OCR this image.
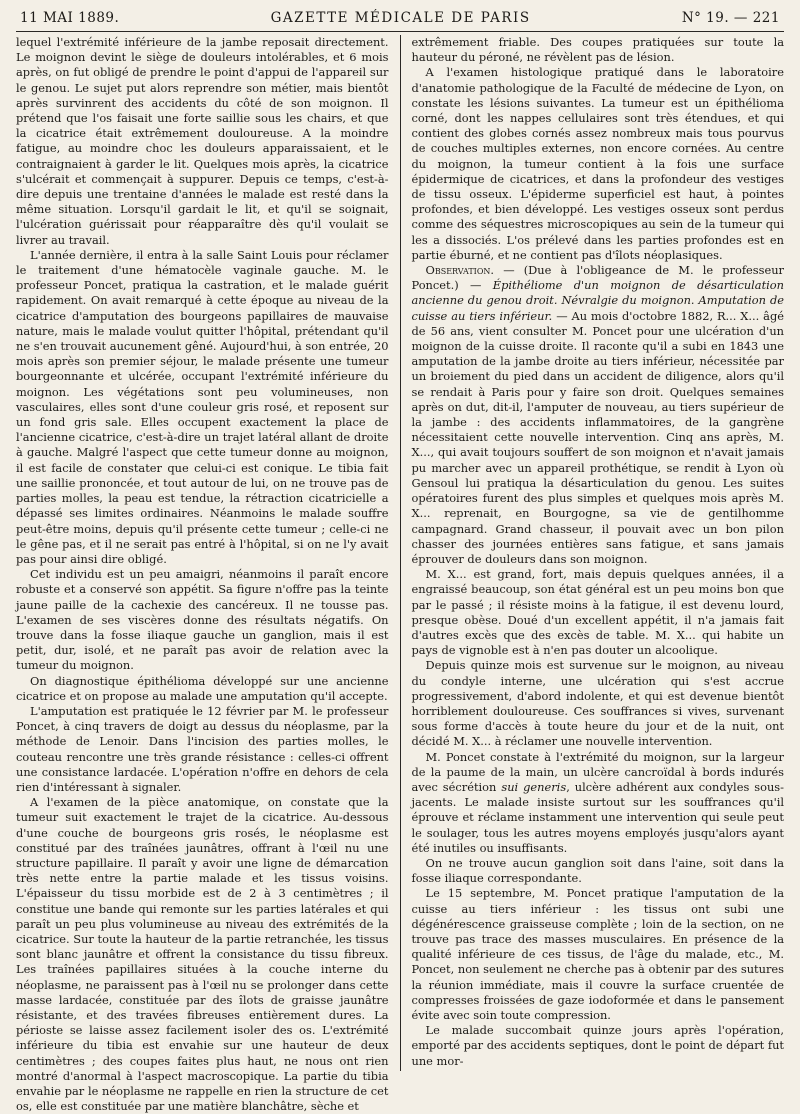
11 MAI 1889.	GAZETTE MÉDICALE DE PARIS	N° 19. — 221

lequel l'extrémité inférieure de la jambe reposait directement. Le moignon devint le siège de douleurs intolérables, et 6 mois après, on fut obligé de prendre le point d'appui de l'appareil sur le genou. Le sujet put alors reprendre son métier, mais bientôt après survinrent des accidents du côté de son moignon. Il prétend que l'os faisait une forte saillie sous les chairs, et que la cicatrice était extrêmement douloureuse. A la moindre fatigue, au moindre choc les douleurs apparaissaient, et le contraignaient à garder le lit. Quelques mois après, la cicatrice s'ulcérait et commençait à suppurer. Depuis ce temps, c'est-à-dire depuis une trentaine d'années le malade est resté dans la même situation. Lorsqu'il gardait le lit, et qu'il se soignait, l'ulcération guérissait pour réapparaître dès qu'il voulait se livrer au travail.

L'année dernière, il entra à la salle Saint Louis pour réclamer le traitement d'une hématocèle vaginale gauche. M. le professeur Poncet, pratiqua la castration, et le malade guérit rapidement. On avait remarqué à cette époque au niveau de la cicatrice d'amputation des bourgeons papillaires de mauvaise nature, mais le malade voulut quitter l'hôpital, prétendant qu'il ne s'en trouvait aucunement gêné. Aujourd'hui, à son entrée, 20 mois après son premier séjour, le malade présente une tumeur bourgeonnante et ulcérée, occupant l'extrémité inférieure du moignon. Les végétations sont peu volumineuses, non vasculaires, elles sont d'une couleur gris rosé, et reposent sur un fond gris sale. Elles occupent exactement la place de l'ancienne cicatrice, c'est-à-dire un trajet latéral allant de droite à gauche. Malgré l'aspect que cette tumeur donne au moignon, il est facile de constater que celui-ci est conique. Le tibia fait une saillie prononcée, et tout autour de lui, on ne trouve pas de parties molles, la peau est tendue, la rétraction cicatricielle a dépassé ses limites ordinaires. Néanmoins le malade souffre peut-être moins, depuis qu'il présente cette tumeur ; celle-ci ne le gêne pas, et il ne serait pas entré à l'hôpital, si on ne l'y avait pas pour ainsi dire obligé.

Cet individu est un peu amaigri, néanmoins il paraît encore robuste et a conservé son appétit. Sa figure n'offre pas la teinte jaune paille de la cachexie des cancéreux. Il ne tousse pas. L'examen de ses viscères donne des résultats négatifs. On trouve dans la fosse iliaque gauche un ganglion, mais il est petit, dur, isolé, et ne paraît pas avoir de relation avec la tumeur du moignon.

On diagnostique épithélioma développé sur une ancienne cicatrice et on propose au malade une amputation qu'il accepte.

L'amputation est pratiquée le 12 février par M. le professeur Poncet, à cinq travers de doigt au dessus du néoplasme, par la méthode de Lenoir. Dans l'incision des parties molles, le couteau rencontre une très grande résistance : celles-ci offrent une consistance lardacée. L'opération n'offre en dehors de cela rien d'intéressant à signaler.

A l'examen de la pièce anatomique, on constate que la tumeur suit exactement le trajet de la cicatrice. Au-dessous d'une couche de bourgeons gris rosés, le néoplasme est constitué par des traînées jaunâtres, offrant à l'œil nu une structure papillaire. Il paraît y avoir une ligne de démarcation très nette entre la partie malade et les tissus voisins. L'épaisseur du tissu morbide est de 2 à 3 centimètres ; il constitue une bande qui remonte sur les parties latérales et qui paraît un peu plus volumineuse au niveau des extrémités de la cicatrice. Sur toute la hauteur de la partie retranchée, les tissus sont blanc jaunâtre et offrent la consistance du tissu fibreux. Les traînées papillaires situées à la couche interne du néoplasme, ne paraissent pas à l'œil nu se prolonger dans cette masse lardacée, constituée par des îlots de graisse jaunâtre résistante, et des travées fibreuses entièrement dures. La périoste se laisse assez facilement isoler des os. L'extrémité inférieure du tibia est envahie sur une hauteur de deux centimètres ; des coupes faites plus haut, ne nous ont rien montré d'anormal à l'aspect macroscopique. La partie du tibia envahie par le néoplasme ne rappelle en rien la structure de cet os, elle est constituée par une matière blanchâtre, sèche et

extrêmement friable. Des coupes pratiquées sur toute la hauteur du péroné, ne révèlent pas de lésion.

A l'examen histologique pratiqué dans le laboratoire d'anatomie pathologique de la Faculté de médecine de Lyon, on constate les lésions suivantes. La tumeur est un épithélioma corné, dont les nappes cellulaires sont très étendues, et qui contient des globes cornés assez nombreux mais tous pourvus de couches multiples externes, non encore cornées. Au centre du moignon, la tumeur contient à la fois une surface épidermique de cicatrices, et dans la profondeur des vestiges de tissu osseux. L'épiderme superficiel est haut, à pointes profondes, et bien développé. Les vestiges osseux sont perdus comme des séquestres microscopiques au sein de la tumeur qui les a dissociés. L'os prélevé dans les parties profondes est en partie éburné, et ne contient pas d'îlots néoplasiques.

Observation. — (Due à l'obligeance de M. le professeur Poncet.) — Épithéliome d'un moignon de désarticulation ancienne du genou droit. Névralgie du moignon. Amputation de cuisse au tiers inférieur. — Au mois d'octobre 1882, R... X... âgé de 56 ans, vient consulter M. Poncet pour une ulcération d'un moignon de la cuisse droite. Il raconte qu'il a subi en 1843 une amputation de la jambe droite au tiers inférieur, nécessitée par un broiement du pied dans un accident de diligence, alors qu'il se rendait à Paris pour y faire son droit. Quelques semaines après on dut, dit-il, l'amputer de nouveau, au tiers supérieur de la jambe : des accidents inflammatoires, de la gangrène nécessitaient cette nouvelle intervention. Cinq ans après, M. X..., qui avait toujours souffert de son moignon et n'avait jamais pu marcher avec un appareil prothétique, se rendit à Lyon où Gensoul lui pratiqua la désarticulation du genou. Les suites opératoires furent des plus simples et quelques mois après M. X... reprenait, en Bourgogne, sa vie de gentilhomme campagnard. Grand chasseur, il pouvait avec un bon pilon chasser des journées entières sans fatigue, et sans jamais éprouver de douleurs dans son moignon.

M. X... est grand, fort, mais depuis quelques années, il a engraissé beaucoup, son état général est un peu moins bon que par le passé ; il résiste moins à la fatigue, il est devenu lourd, presque obèse. Doué d'un excellent appétit, il n'a jamais fait d'autres excès que des excès de table. M. X... qui habite un pays de vignoble est à n'en pas douter un alcoolique.

Depuis quinze mois est survenue sur le moignon, au niveau du condyle interne, une ulcération qui s'est accrue progressivement, d'abord indolente, et qui est devenue bientôt horriblement douloureuse. Ces souffrances si vives, survenant sous forme d'accès à toute heure du jour et de la nuit, ont décidé M. X... à réclamer une nouvelle intervention.

M. Poncet constate à l'extrémité du moignon, sur la largeur de la paume de la main, un ulcère cancroïdal à bords indurés avec sécrétion sui generis, ulcère adhérent aux condyles sous-jacents. Le malade insiste surtout sur les souffrances qu'il éprouve et réclame instamment une intervention qui seule peut le soulager, tous les autres moyens employés jusqu'alors ayant été inutiles ou insuffisants.

On ne trouve aucun ganglion soit dans l'aine, soit dans la fosse iliaque correspondante.

Le 15 septembre, M. Poncet pratique l'amputation de la cuisse au tiers inférieur : les tissus ont subi une dégénérescence graisseuse complète ; loin de la section, on ne trouve pas trace des masses musculaires. En présence de la qualité inférieure de ces tissus, de l'âge du malade, etc., M. Poncet, non seulement ne cherche pas à obtenir par des sutures la réunion immédiate, mais il couvre la surface cruentée de compresses froissées de gaze iodoformée et dans le pansement évite avec soin toute compression.

Le malade succombait quinze jours après l'opération, emporté par des accidents septiques, dont le point de départ fut une mor-
